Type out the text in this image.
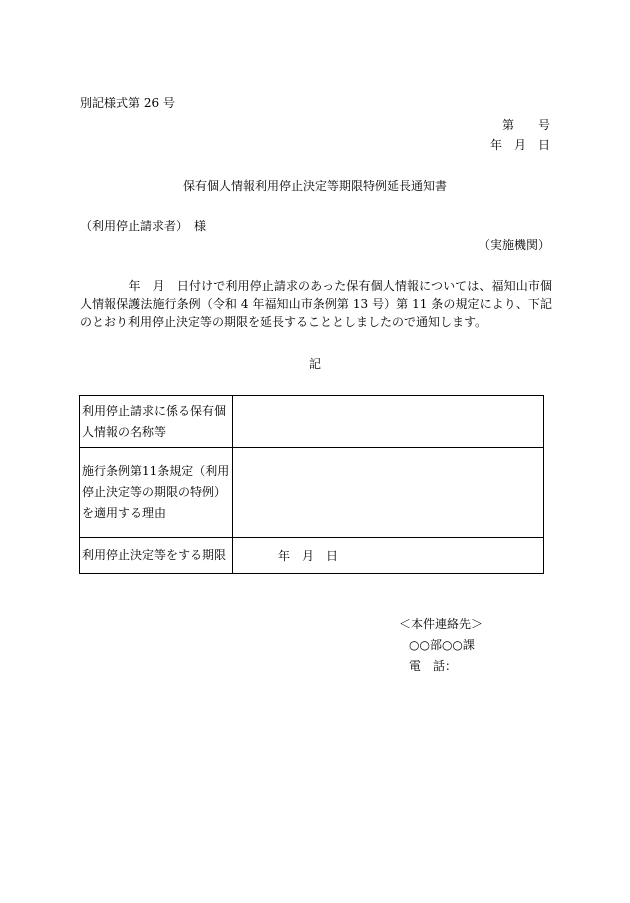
別記様式第 26 号
第　　号
年　月　日
保有個人情報利用停止決定等期限特例延長通知書
（利用停止請求者）　様
（実施機関）
　　　　年　月　日付けで利用停止請求のあった保有個人情報については、福知山市個人情報保護法施行条例（令和 4 年福知山市条例第 13 号）第 11 条の規定により、下記のとおり利用停止決定等の期限を延長することとしましたので通知します。
記
利用停止請求に係る保有個人情報の名称等	
施行条例第11条規定（利用停止決定等の期限の特例）を適用する理由	
利用停止決定等をする期限	年　月　日
＜本件連絡先＞
○○部○○課
電　話：
